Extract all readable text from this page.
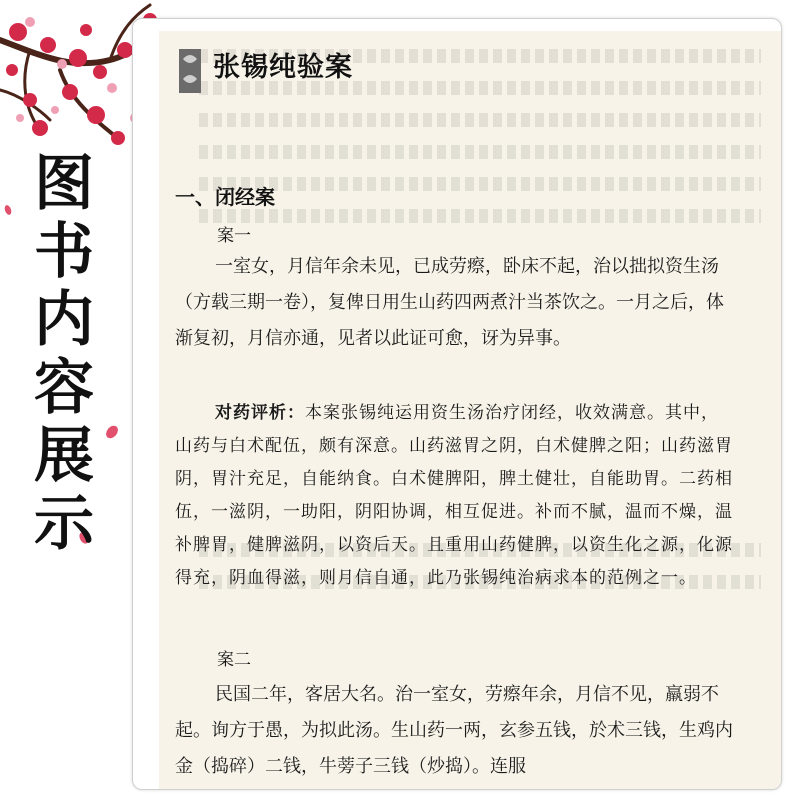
图
书
内
容
展
示
张锡纯验案
一、闭经案

案一

一室女，月信年余未见，已成劳瘵，卧床不起，治以拙拟资生汤（方载三期一卷），复俾日用生山药四两煮汁当茶饮之。一月之后，体渐复初，月信亦通，见者以此证可愈，讶为异事。

对药评析：本案张锡纯运用资生汤治疗闭经，收效满意。其中，山药与白术配伍，颇有深意。山药滋胃之阴，白术健脾之阳；山药滋胃阴，胃汁充足，自能纳食。白术健脾阳，脾土健壮，自能助胃。二药相伍，一滋阴，一助阳，阴阳协调，相互促进。补而不腻，温而不燥，温补脾胃，健脾滋阴，以资后天。且重用山药健脾，以资生化之源，化源得充，阴血得滋，则月信自通，此乃张锡纯治病求本的范例之一。

案二

民国二年，客居大名。治一室女，劳瘵年余，月信不见，羸弱不起。询方于愚，为拟此汤。生山药一两，玄参五钱，於术三钱，生鸡内金（捣碎）二钱，牛蒡子三钱（炒捣）。连服
